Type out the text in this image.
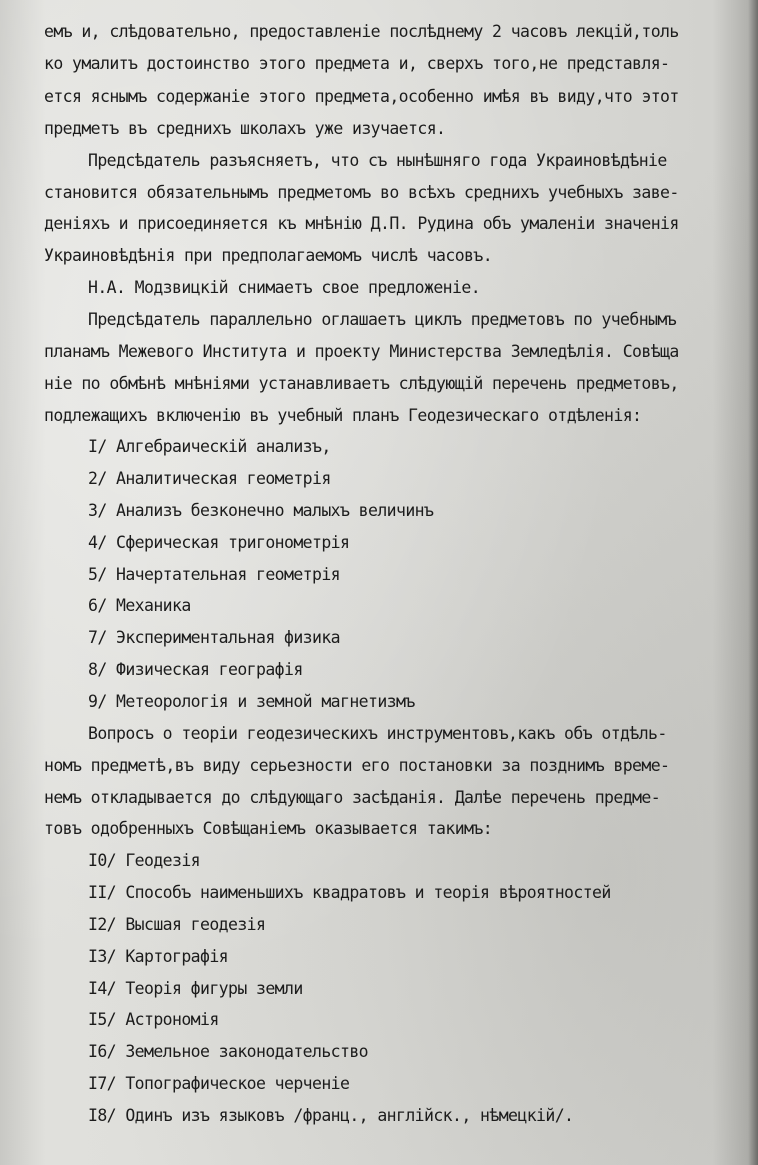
емъ и, слѣдовательно, предоставленіе послѣднему 2 часовъ лекцій,толь
ко умалитъ достоинство этого предмета и, сверхъ того,не представля-
ется яснымъ содержаніе этого предмета,особенно имѣя въ виду,что этот
предметъ въ среднихъ школахъ уже изучается.
Предсѣдатель разъясняетъ, что съ нынѣшняго года Украиновѣдѣніе
становится обязательнымъ предметомъ во всѣхъ среднихъ учебныхъ заве-
деніяхъ и присоединяется къ мнѣнію Д.П. Рудина объ умаленіи значенія
Украиновѣдѣнія при предполагаемомъ числѣ часовъ.
Н.А. Модзвицкій снимаетъ свое предложеніе.
Предсѣдатель параллельно оглашаетъ циклъ предметовъ по учебнымъ
планамъ Межевого Института и проекту Министерства Земледѣлія. Совѣща
ніе по обмѣнѣ мнѣніями устанавливаетъ слѣдующій перечень предметовъ,
подлежащихъ включенію въ учебный планъ Геодезическаго отдѣленія:
I/ Алгебраическій анализъ,
2/ Аналитическая геометрія
3/ Анализъ безконечно малыхъ величинъ
4/ Сферическая тригонометрія
5/ Начертательная геометрія
6/ Механика
7/ Экспериментальная физика
8/ Физическая географія
9/ Метеорологія и земной магнетизмъ
Вопросъ о теоріи геодезическихъ инструментовъ,какъ объ отдѣль-
номъ предметѣ,въ виду серьезности его постановки за позднимъ време-
немъ откладывается до слѣдующаго засѣданія. Далѣе перечень предме-
товъ одобренныхъ Совѣщаніемъ оказывается такимъ:
I0/ Геодезія
II/ Способъ наименьшихъ квадратовъ и теорія вѣроятностей
I2/ Высшая геодезія
I3/ Картографія
I4/ Теорія фигуры земли
I5/ Астрономія
I6/ Земельное законодательство
I7/ Топографическое черченіе
I8/ Одинъ изъ языковъ /франц., англійск., нѣмецкій/.
